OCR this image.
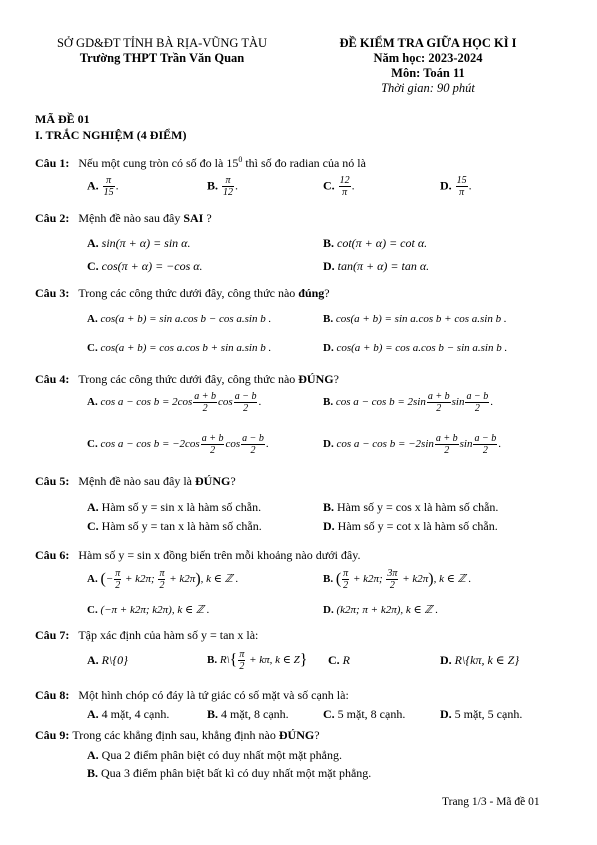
SỞ GD&ĐT TỈNH BÀ RỊA-VŨNG TÀU
Trường THPT Trần Văn Quan
ĐỀ KIỂM TRA GIỮA HỌC KÌ I
Năm học: 2023-2024
Môn: Toán 11
Thời gian: 90 phút
MÃ ĐỀ 01
I. TRẮC NGHIỆM (4 ĐIỂM)
Câu 1: Nếu một cung tròn có số đo là $15^0$ thì số đo radian của nó là
A. $\frac{\pi}{15}$ .	B. $\frac{\pi}{12}$ .	C. $\frac{12}{\pi}$ .	D. $\frac{15}{\pi}$ .
Câu 2: Mệnh đề nào sau đây SAI ?
A. sin(π + α) = sin α.	B. cot(π + α) = cot α.
C. cos(π + α) = −cos α.	D. tan(π + α) = tan α.
Câu 3: Trong các công thức dưới đây, công thức nào đúng?
A. cos(a + b) = sin a.cos b − cos a.sin b .	B. cos(a + b) = sin a.cos b + cos a.sin b .
C. cos(a + b) = cos a.cos b + sin a.sin b .	D. cos(a + b) = cos a.cos b − sin a.sin b .
Câu 4: Trong các công thức dưới đây, công thức nào ĐÚNG?
A. $\cos a - \cos b = 2\cos \frac{a + b}{2}$ $\cos \frac{a - b}{2}$ .	B. $\cos a - \cos b = 2\sin \frac{a + b}{2}$ $\sin \frac{a - b}{2}$ .
C. $\cos a - \cos b = -2\cos \frac{a + b}{2}$ $\cos \frac{a - b}{2}$ .	D. $\cos a - \cos b = -2\sin \frac{a + b}{2}$ $\sin \frac{a - b}{2}$ .
Câu 5: Mệnh đề nào sau đây là ĐÚNG?
A. Hàm số y = sin x là hàm số chẵn.	B. Hàm số y = cos x là hàm số chẵn.
C. Hàm số y = tan x là hàm số chẵn.	D. Hàm số y = cot x là hàm số chẵn.
Câu 6: Hàm số y = sin x đồng biến trên mỗi khoảng nào dưới đây.
A. (− $\frac{\pi}{2} + k2\pi$; $\frac{\pi}{2} + k2\pi$), k ∈ ℤ .	B. ( $\frac{\pi}{2} + k2\pi$; $\frac{3\pi}{2} + k2\pi$), k ∈ ℤ .
C. (−π + k2π; k2π), k ∈ ℤ .	D. (k2π; π + k2π), k ∈ ℤ .
Câu 7: Tập xác định của hàm số y = tan x là:
A. R\{0}	B. R\{ $\frac{\pi}{2} + k\pi$, k ∈ Z} C. R	D. R\{kπ, k ∈ Z}
Câu 8: Một hình chóp có đáy là tứ giác có số mặt và số cạnh là:
A. 4 mặt, 4 cạnh.	B. 4 mặt, 8 cạnh.	C. 5 mặt, 8 cạnh.	D. 5 mặt, 5 cạnh.
Câu 9: Trong các khẳng định sau, khẳng định nào ĐÚNG?
A. Qua 2 điểm phân biệt có duy nhất một mặt phẳng.
B. Qua 3 điểm phân biệt bất kì có duy nhất một mặt phẳng.
Trang 1/3 - Mã đề 01
